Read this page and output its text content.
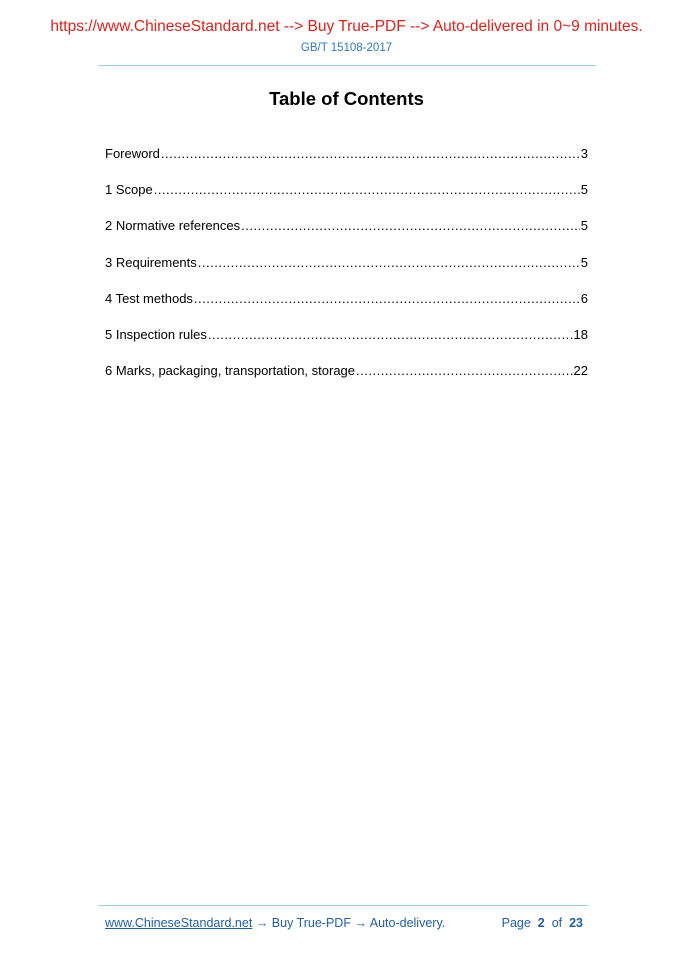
https://www.ChineseStandard.net --> Buy True-PDF --> Auto-delivered in 0~9 minutes.
GB/T 15108-2017
Table of Contents
Foreword .....	3
1 Scope .....	5
2 Normative references .....	5
3 Requirements .....	5
4 Test methods .....	6
5 Inspection rules .....	18
6 Marks, packaging, transportation, storage .....	22
www.ChineseStandard.net → Buy True-PDF → Auto-delivery.	Page 2 of 23
